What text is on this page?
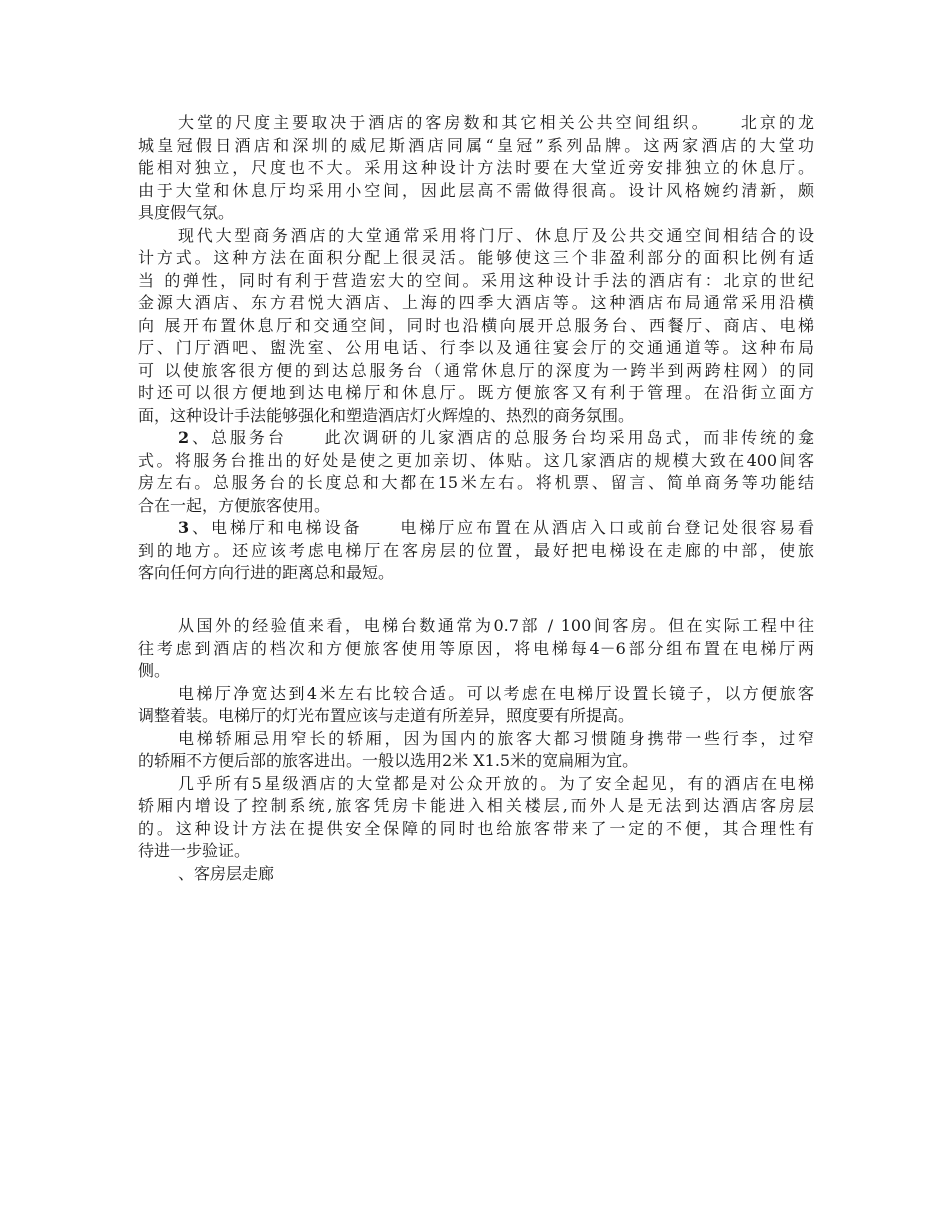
大堂的尺度主要取决于酒店的客房数和其它相关公共空间组织。　　北京的龙
城皇冠假日酒店和深圳的威尼斯酒店同属“皇冠”系列品牌。这两家酒店的大堂功
能相对独立，尺度也不大。采用这种设计方法时要在大堂近旁安排独立的休息厅。
由于大堂和休息厅均采用小空间，因此层高不需做得很高。设计风格婉约清新，颇
具度假气氛。
现代大型商务酒店的大堂通常采用将门厅、休息厅及公共交通空间相结合的设
计方式。这种方法在面积分配上很灵活。能够使这三个非盈利部分的面积比例有适
当 的弹性，同时有利于营造宏大的空间。采用这种设计手法的酒店有：北京的世纪
金源大酒店、东方君悦大酒店、上海的四季大酒店等。这种酒店布局通常采用沿横
向 展开布置休息厅和交通空间，同时也沿横向展开总服务台、西餐厅、商店、电梯
厅、门厅酒吧、盥洗室、公用电话、行李以及通往宴会厅的交通通道等。这种布局
可 以使旅客很方便的到达总服务台（通常休息厅的深度为一跨半到两跨柱网）的同
时还可以很方便地到达电梯厅和休息厅。既方便旅客又有利于管理。在沿街立面方
面，这种设计手法能够强化和塑造酒店灯火辉煌的、热烈的商务氛围。
2、总服务台　　此次调研的儿家酒店的总服务台均采用岛式，而非传统的龛
式。将服务台推出的好处是使之更加亲切、体贴。这几家酒店的规模大致在400间客
房左右。总服务台的长度总和大都在15米左右。将机票、留言、简单商务等功能结
合在一起，方便旅客使用。
3、电梯厅和电梯设备　　电梯厅应布置在从酒店入口或前台登记处很容易看
到的地方。还应该考虑电梯厅在客房层的位置，最好把电梯设在走廊的中部，使旅
客向任何方向行进的距离总和最短。
从国外的经验值来看，电梯台数通常为0.7部 / 100间客房。但在实际工程中往
往考虑到酒店的档次和方便旅客使用等原因，将电梯每4－6部分组布置在电梯厅两
侧。
电梯厅净宽达到4米左右比较合适。可以考虑在电梯厅设置长镜子，以方便旅客
调整着装。电梯厅的灯光布置应该与走道有所差异，照度要有所提高。
电梯轿厢忌用窄长的轿厢，因为国内的旅客大都习惯随身携带一些行李，过窄
的轿厢不方便后部的旅客进出。一般以选用2米 X1.5米的宽扁厢为宜。
几乎所有5星级酒店的大堂都是对公众开放的。为了安全起见，有的酒店在电梯
轿厢内增设了控制系统,旅客凭房卡能进入相关楼层,而外人是无法到达酒店客房层
的。这种设计方法在提供安全保障的同时也给旅客带来了一定的不便，其合理性有
待进一步验证。
、客房层走廊
